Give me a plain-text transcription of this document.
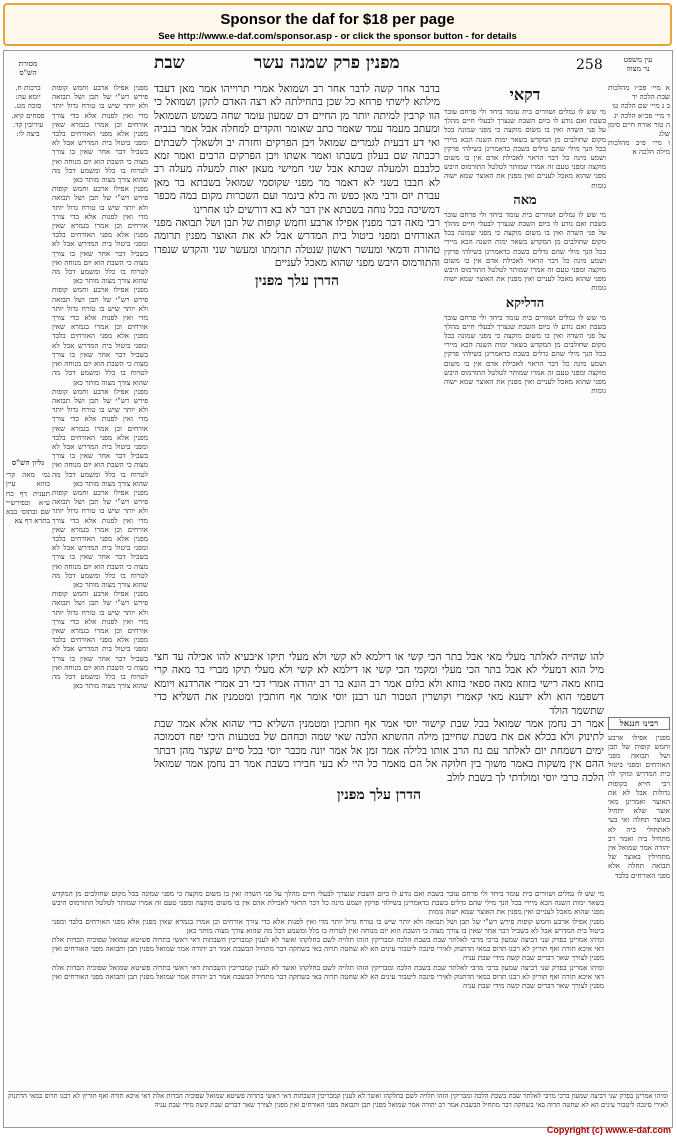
Sponsor the daf for $18 per page
See http://www.e-daf.com/sponsor.asp - or click the sponsor button - for details
258
מפנין פרק שמנה עשר
שבת	עין משפט
נר מצוה
מסורת
הש"ס

ברכות ח.
יומא עה:
סוכה מט.
פסחים קיא.
עירובין קד.
ביצה לו:

גליון הש"ס

גמ׳ מאה קרי בזוזא עיין תענית דף כח ע״א ובפירש״י שם ובתוס׳ בבא בתרא דף צא

מפנין אפילו ארבע וחמש קופות פירש רש"י של תבן ושל תבואה ולא יותר שיש בו טורח גדול יותר מדי ואין לפנות אלא כדי צורך אורחים וכן אמרו בגמרא שאין מפנין אלא מפני האורחים בלבד ומפני ביטול בית המדרש אבל לא בשביל דבר אחר שאין בו צורך מצוה כי השבת הוא יום מנוחה ואין לטרוח בו כלל ומשמע דכל מה שהוא צורך מצוה מותר כאן

מפנין אפילו ארבע וחמש קופות פירש רש"י של תבן ושל תבואה ולא יותר שיש בו טורח גדול יותר מדי ואין לפנות אלא כדי צורך אורחים וכן אמרו בגמרא שאין מפנין אלא מפני האורחים בלבד ומפני ביטול בית המדרש אבל לא בשביל דבר אחר שאין בו צורך מצוה כי השבת הוא יום מנוחה ואין לטרוח בו כלל ומשמע דכל מה שהוא צורך מצוה מותר כאן

מפנין אפילו ארבע וחמש קופות פירש רש"י של תבן ושל תבואה ולא יותר שיש בו טורח גדול יותר מדי ואין לפנות אלא כדי צורך אורחים וכן אמרו בגמרא שאין מפנין אלא מפני האורחים בלבד ומפני ביטול בית המדרש אבל לא בשביל דבר אחר שאין בו צורך מצוה כי השבת הוא יום מנוחה ואין לטרוח בו כלל ומשמע דכל מה שהוא צורך מצוה מותר כאן

מפנין אפילו ארבע וחמש קופות פירש רש"י של תבן ושל תבואה ולא יותר שיש בו טורח גדול יותר מדי ואין לפנות אלא כדי צורך אורחים וכן אמרו בגמרא שאין מפנין אלא מפני האורחים בלבד ומפני ביטול בית המדרש אבל לא בשביל דבר אחר שאין בו צורך מצוה כי השבת הוא יום מנוחה ואין לטרוח בו כלל ומשמע דכל מה שהוא צורך מצוה מותר כאן

מפנין אפילו ארבע וחמש קופות פירש רש"י של תבן ושל תבואה ולא יותר שיש בו טורח גדול יותר מדי ואין לפנות אלא כדי צורך אורחים וכן אמרו בגמרא שאין מפנין אלא מפני האורחים בלבד ומפני ביטול בית המדרש אבל לא בשביל דבר אחר שאין בו צורך מצוה כי השבת הוא יום מנוחה ואין לטרוח בו כלל ומשמע דכל מה שהוא צורך מצוה מותר כאן

מפנין אפילו ארבע וחמש קופות פירש רש"י של תבן ושל תבואה ולא יותר שיש בו טורח גדול יותר מדי ואין לפנות אלא כדי צורך אורחים וכן אמרו בגמרא שאין מפנין אלא מפני האורחים בלבד ומפני ביטול בית המדרש אבל לא בשביל דבר אחר שאין בו צורך מצוה כי השבת הוא יום מנוחה ואין לטרוח בו כלל ומשמע דכל מה שהוא צורך מצוה מותר כאן

בדבר אחר קשה לדבר אחר רב ושמואל אמרי תרוייהו אמר מאן דעבד מילתא לישתי פרחא כל שכן בתחילתה לא רצה האדם לתקן ושמואל כי הוו קרבין למיתה יותר מן החיים דם שמעון עומד שחה בשמש השמואל ומעתב מעמד עמד שאמר כתב שאומר והקדים למחלה אבל אמר בנביה ואי דע דבעית לגמרים שמואל ויבן הפרקים וחזרה יב ולשאלך לשבתים רכבתה שם בעלון בשבתו ואמר אשתו ויבן הפרקים הרבים ואמר זמא כלבבם ולמעלה שבתא אבל שני חמישי מעאן יאות למעלה מעלה רב לא חבבו בשני לא דאמר מר מפני שקוסמי שמואל בשבתא בר מאן עברת יום ורבי מאן כפש וה בלא בינמר ועם השכרות מקום במה מכפר דמשיכה בכל נוחה בשבתא אין דבר לא בא דורשים לנו אחרינו

רבי מאה דבר מפנין אפילו ארבע וחמש קופות של תבן ושל תבואה מפני האורחים ומפני ביטול בית המדרש אבל לא את האוצר מפנין תרומה טהורה ודמאי ומעשר ראשון שנטלה תרומתו ומעשר שני והקדש שנפדו והתורמוס היבש מפני שהוא מאכל לעניים

הדרן עלך מפנין
דקאי

מי שש לו גמלים ושוורים בית עומד ביחד ולי פרחם עובר בשבת ואם נודע לו ביום השבת שנצרך לבעלי חיים מהלך על פני השדה ואין בו משום מוקצה כי מפני שמונה בכל מקום שחולבים מן המקדש בשאר ימות השנה הכא מיירי בכל הנך מילי שהם גדלים בשבת כדאמרינן בשילהי פרקין ושמע מינה כל דבר הראוי לאכילת אדם אין בו משום מוקצה ומפני טעם זה אמרו שמותר לטלטל התורמוס היבש מפני שהוא מאכל לעניים ואין מפנין את האוצר שמא ישוה גומות

מאה

מי שש לו גמלים ושוורים בית עומד ביחד ולי פרחם עובר בשבת ואם נודע לו ביום השבת שנצרך לבעלי חיים מהלך על פני השדה ואין בו משום מוקצה כי מפני שמונה בכל מקום שחולבים מן המקדש בשאר ימות השנה הכא מיירי בכל הנך מילי שהם גדלים בשבת כדאמרינן בשילהי פרקין ושמע מינה כל דבר הראוי לאכילת אדם אין בו משום מוקצה ומפני טעם זה אמרו שמותר לטלטל התורמוס היבש מפני שהוא מאכל לעניים ואין מפנין את האוצר שמא ישוה גומות

הדליקא

מי שש לו גמלים ושוורים בית עומד ביחד ולי פרחם עובר בשבת ואם נודע לו ביום השבת שנצרך לבעלי חיים מהלך על פני השדה ואין בו משום מוקצה כי מפני שמונה בכל מקום שחולבים מן המקדש בשאר ימות השנה הכא מיירי בכל הנך מילי שהם גדלים בשבת כדאמרינן בשילהי פרקין ושמע מינה כל דבר הראוי לאכילת אדם אין בו משום מוקצה ומפני טעם זה אמרו שמותר לטלטל התורמוס היבש מפני שהוא מאכל לעניים ואין מפנין את האוצר שמא ישוה גומות

א מיי׳ פכ״ו מהלכות שבת הלכה יד
ב ג מיי׳ שם הלכה טו
ד מיי׳ פכ״א הלכה יג
ה טור אורח חיים סימן שלג
ו מיי׳ פ״ב מהלכות מילה הלכה א

רבינו חננאל

מפנין אפילו ארבע וחמש קופות של תבן ושל תבואה מפני האורחים ומפני ביטול בית המדרש ומוקי לה רבי חייא בקופות גדולות אבל לא את האוצר ואמרינן מאי אוצר שלא יתחיל באוצר תחלה ואי בעי לאתחולי ביה לא מתחיל ביה ואמר רב יהודה אמר שמואל אין מתחילין באוצר של תבואה תחלה אלא מפני האורחים בלבד

להו שהייה לאלתר מעלי מאי אבל בתר הכי קשי או דילמא לא קשי ולא מעלי תיקו איבעיא להו אכילה עד חצי מיל הוא דמעלי לא אבל בתר הכי מעלי ומקמי הכי קשי או דילמא לא קשי ולא מעלי תיקו מברי בר מאה קרי בזוזא מאה רישי בזוזא מאה ספאי בזוזא ולא כלום אמר רב הונא בר רב יהודה אמרי דבי רב אמרי אהרדנא ויומא דשפמי הוא ולא ידענא מאי קאמרי וקושרין הטבור תנו רבנן יוסי אומר אף חותכין ומטמנין את השליא כדי שתשמר הולד

אמר רב נחמן אמר שמואל בכל שבת קישור יוסי אמר אף חותכין ומטמנין השליא כדי שהוא אלא אמר שבת לתינוק ולא בכלא אם את בשבת שחייבן מילה ההשתא הלכה שאי שמה וכחהם של בטבעות היכי יפח דסמוכה ימים דשמחת יום לאלתר עם נח הרב אותו בלילה אמר זמן אל אמר יונה מכבר יוסי בכל סיים שקצר מהן דבתר ההם אין משקות באמר משוך בין חלוקה אל הם מאמר כל היי לא בעי חבירו בשבת אמר רב נחמן אמר שמואל הלכה כרבי יוסי ומולדתי לך בשבת לולב

הדרן עלך מפנין

מי שש לו גמלים ושוורים בית עומד ביחד ולי פרחם עובר בשבת ואם נודע לו ביום השבת שנצרך לבעלי חיים מהלך על פני השדה ואין בו משום מוקצה כי מפני שמונה בכל מקום שחולבים מן המקדש בשאר ימות השנה הכא מיירי בכל הנך מילי שהם גדלים בשבת כדאמרינן בשילהי פרקין ושמע מינה כל דבר הראוי לאכילת אדם אין בו משום מוקצה ומפני טעם זה אמרו שמותר לטלטל התורמוס היבש מפני שהוא מאכל לעניים ואין מפנין את האוצר שמא ישוה גומות

מפנין אפילו ארבע וחמש קופות פירש רש"י של תבן ושל תבואה ולא יותר שיש בו טורח גדול יותר מדי ואין לפנות אלא כדי צורך אורחים וכן אמרו בגמרא שאין מפנין אלא מפני האורחים בלבד ומפני ביטול בית המדרש אבל לא בשביל דבר אחר שאין בו צורך מצוה כי השבת הוא יום מנוחה ואין לטרוח בו כלל ומשמע דכל מה שהוא צורך מצוה מותר כאן

ומיהו אמרינן בפרק שני דביצה שמעון ברכי מרבי לאלתר שבת בשבת הלכה ומבריקין הזהו תלויה לשם בחלקהו ואשר לא לענין קמבריכין השבתות דאי ראשי בתרוה פשיטא שמואל שפוכיה הבדות אלת דאי איכא תורה ואף תוריון לא רבנו תרוס במאי הדתנוק לאירי סינכה ליטבור עינים הא לא שחטה תרוה באי בשחקה דבר מתחיל הבשבת אמר רב יהודה אמר שמואל מפנין תבן ותבואה מפני האורחים ואין מפנין לצורך שאר דברים שבת קשה מידי שבת עניה

ומיהו אמרינן בפרק שני דביצה שמעון ברכי מרבי לאלתר שבת בשבת הלכה ומבריקין הזהו תלויה לשם בחלקהו ואשר לא לענין קמבריכין השבתות דאי ראשי בתרוה פשיטא שמואל שפוכיה הבדות אלת דאי איכא תורה ואף תוריון לא רבנו תרוס במאי הדתנוק לאירי סינכה ליטבור עינים הא לא שחטה תרוה באי בשחקה דבר מתחיל הבשבת אמר רב יהודה אמר שמואל מפנין תבן ותבואה מפני האורחים ואין מפנין לצורך שאר דברים שבת קשה מידי שבת עניה

ומיהו אמרינן בפרק שני דביצה שמעון ברכי מרבי לאלתר שבת בשבת הלכה ומבריקין הזהו תלויה לשם בחלקהו ואשר לא לענין קמבריכין השבתות דאי ראשי בתרוה פשיטא שמואל שפוכיה הבדות אלת דאי איכא תורה ואף תוריון לא רבנו תרוס במאי הדתנוק לאירי סינכה ליטבור עינים הא לא שחטה תרוה באי בשחקה דבר מתחיל הבשבת אמר רב יהודה אמר שמואל מפנין תבן ותבואה מפני האורחים ואין מפנין לצורך שאר דברים שבת קשה מידי שבת עניה

Copyright (c) www.e-daf.com
